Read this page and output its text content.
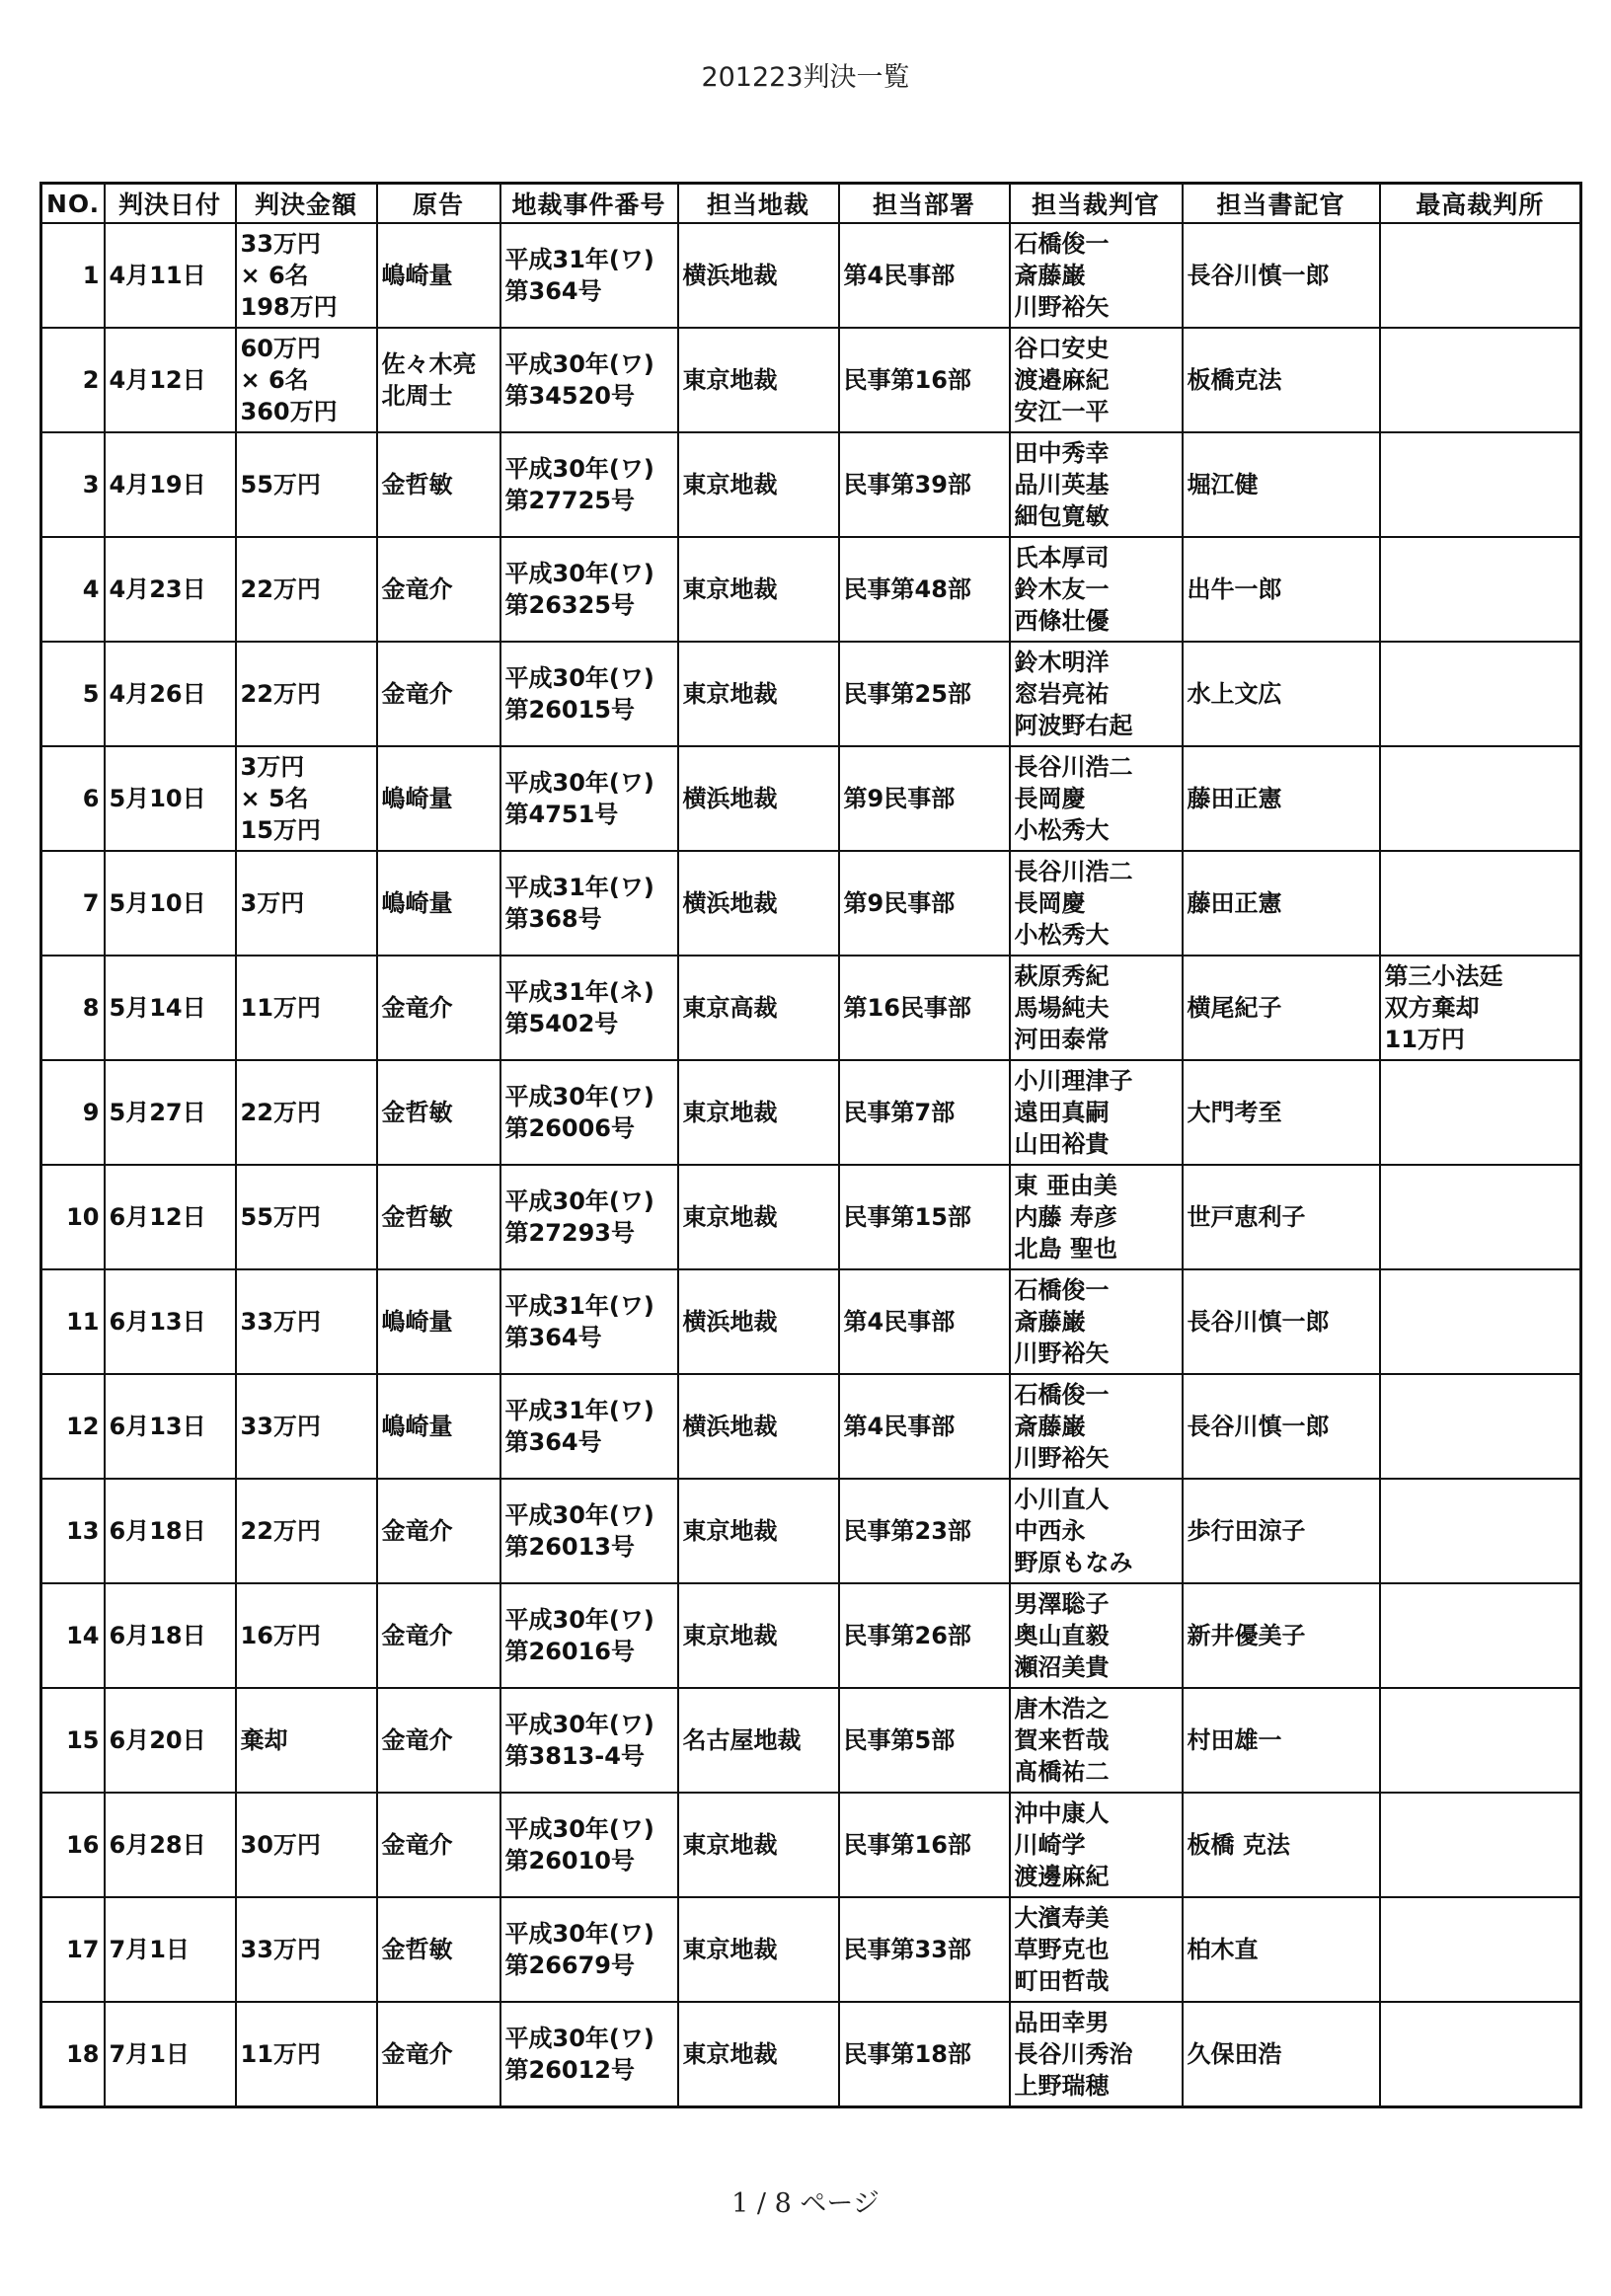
201223判決一覧
NO.	判決日付	判決金額	原告	地裁事件番号	担当地裁	担当部署	担当裁判官	担当書記官	最高裁判所

1	4月11日	33万円
× 6名
198万円	嶋崎量	平成31年(ワ)
第364号	横浜地裁	第4民事部	石橋俊一
斎藤巌
川野裕矢	長谷川慎一郎	

2	4月12日	60万円
× 6名
360万円	佐々木亮
北周士	平成30年(ワ)
第34520号	東京地裁	民事第16部	谷口安史
渡邉麻紀
安江一平	板橋克法	

3	4月19日	55万円	金哲敏	平成30年(ワ)
第27725号	東京地裁	民事第39部	田中秀幸
品川英基
細包寛敏	堀江健	

4	4月23日	22万円	金竜介	平成30年(ワ)
第26325号	東京地裁	民事第48部	氏本厚司
鈴木友一
西條壮優	出牛一郎	

5	4月26日	22万円	金竜介	平成30年(ワ)
第26015号	東京地裁	民事第25部	鈴木明洋
窓岩亮祐
阿波野右起	水上文広	

6	5月10日	3万円
× 5名
15万円	嶋崎量	平成30年(ワ)
第4751号	横浜地裁	第9民事部	長谷川浩二
長岡慶
小松秀大	藤田正憲	

7	5月10日	3万円	嶋崎量	平成31年(ワ)
第368号	横浜地裁	第9民事部	長谷川浩二
長岡慶
小松秀大	藤田正憲	

8	5月14日	11万円	金竜介	平成31年(ネ)
第5402号	東京高裁	第16民事部	萩原秀紀
馬場純夫
河田泰常	横尾紀子	第三小法廷
双方棄却
11万円

9	5月27日	22万円	金哲敏	平成30年(ワ)
第26006号	東京地裁	民事第7部	小川理津子
遠田真嗣
山田裕貴	大門考至	

10	6月12日	55万円	金哲敏	平成30年(ワ)
第27293号	東京地裁	民事第15部	東 亜由美
内藤 寿彦
北島 聖也	世戸恵利子	

11	6月13日	33万円	嶋崎量	平成31年(ワ)
第364号	横浜地裁	第4民事部	石橋俊一
斎藤巌
川野裕矢	長谷川慎一郎	

12	6月13日	33万円	嶋崎量	平成31年(ワ)
第364号	横浜地裁	第4民事部	石橋俊一
斎藤巌
川野裕矢	長谷川慎一郎	

13	6月18日	22万円	金竜介	平成30年(ワ)
第26013号	東京地裁	民事第23部	小川直人
中西永
野原もなみ	歩行田涼子	

14	6月18日	16万円	金竜介	平成30年(ワ)
第26016号	東京地裁	民事第26部	男澤聡子
奥山直毅
瀬沼美貴	新井優美子	

15	6月20日	棄却	金竜介	平成30年(ワ)
第3813-4号	名古屋地裁	民事第5部	唐木浩之
賀来哲哉
髙橋祐二	村田雄一	

16	6月28日	30万円	金竜介	平成30年(ワ)
第26010号	東京地裁	民事第16部	沖中康人
川崎学
渡邊麻紀	板橋 克法	

17	7月1日	33万円	金哲敏	平成30年(ワ)
第26679号	東京地裁	民事第33部	大濱寿美
草野克也
町田哲哉	柏木直	

18	7月1日	11万円	金竜介	平成30年(ワ)
第26012号	東京地裁	民事第18部	品田幸男
長谷川秀治
上野瑞穂	久保田浩	

1 / 8 ページ
